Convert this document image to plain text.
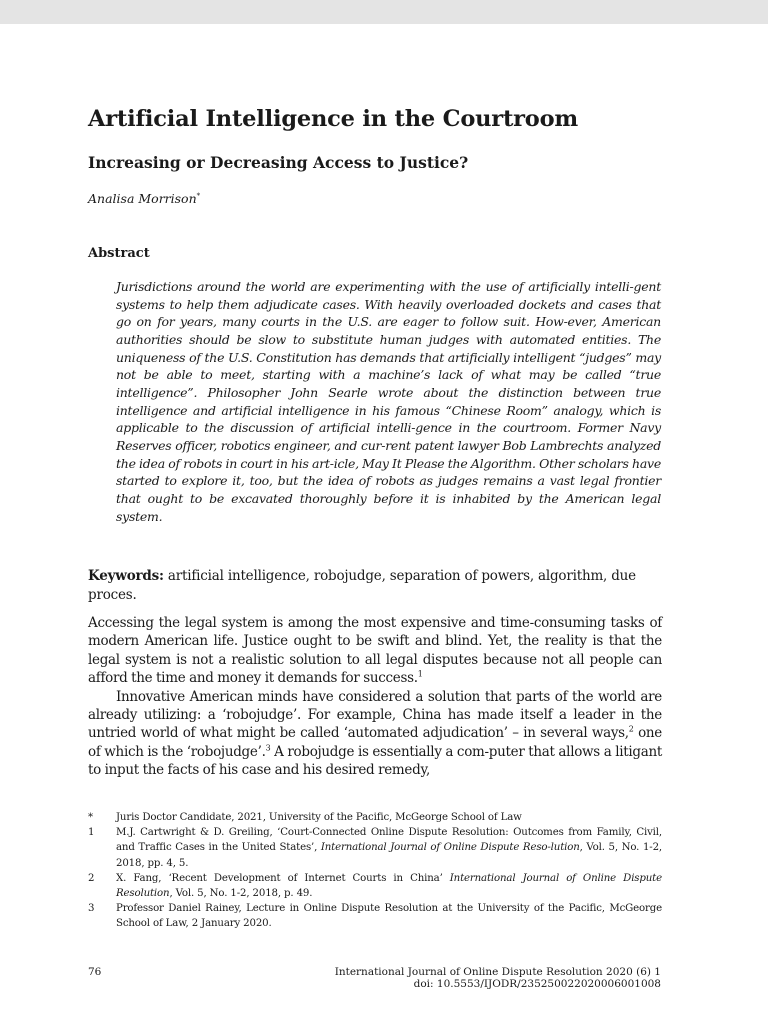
Artificial Intelligence in the Courtroom
Increasing or Decreasing Access to Justice?
Analisa Morrison*
Abstract

Jurisdictions around the world are experimenting with the use of artificially intelli-gent systems to help them adjudicate cases. With heavily overloaded dockets and cases that go on for years, many courts in the U.S. are eager to follow suit. How-ever, American authorities should be slow to substitute human judges with automated entities. The uniqueness of the U.S. Constitution has demands that artificially intelligent “judges” may not be able to meet, starting with a machine’s lack of what may be called “true intelligence”. Philosopher John Searle wrote about the distinction between true intelligence and artificial intelligence in his famous “Chinese Room” analogy, which is applicable to the discussion of artificial intelli-gence in the courtroom. Former Navy Reserves officer, robotics engineer, and cur-rent patent lawyer Bob Lambrechts analyzed the idea of robots in court in his art-icle, May It Please the Algorithm. Other scholars have started to explore it, too, but the idea of robots as judges remains a vast legal frontier that ought to be excavated thoroughly before it is inhabited by the American legal system.

Keywords: artificial intelligence, robojudge, separation of powers, algorithm, due proces.

Accessing the legal system is among the most expensive and time-consuming tasks of modern American life. Justice ought to be swift and blind. Yet, the reality is that the legal system is not a realistic solution to all legal disputes because not all people can afford the time and money it demands for success.$^1$

Innovative American minds have considered a solution that parts of the world are already utilizing: a ‘robojudge’. For example, China has made itself a leader in the untried world of what might be called ‘automated adjudication’ – in several ways,$^2$ one of which is the ‘robojudge’.$^3$ A robojudge is essentially a com-puter that allows a litigant to input the facts of his case and his desired remedy,

* Juris Doctor Candidate, 2021, University of the Pacific, McGeorge School of Law
1 M.J. Cartwright & D. Greiling, ‘Court-Connected Online Dispute Resolution: Outcomes from Family, Civil, and Traffic Cases in the United States’, International Journal of Online Dispute Reso-lution, Vol. 5, No. 1-2, 2018, pp. 4, 5.
2 X. Fang, ‘Recent Development of Internet Courts in China’ International Journal of Online Dispute Resolution, Vol. 5, No. 1-2, 2018, p. 49.
3 Professor Daniel Rainey, Lecture in Online Dispute Resolution at the University of the Pacific, McGeorge School of Law, 2 January 2020.
76	International Journal of Online Dispute Resolution 2020 (6) 1
doi: 10.5553/IJODR/235250022020006001008
